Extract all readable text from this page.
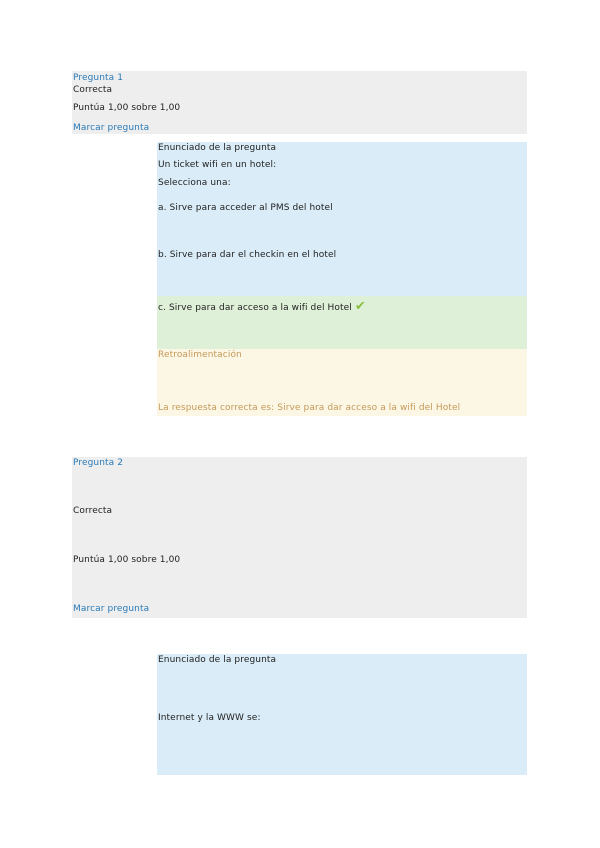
Pregunta 1
Correcta
Puntúa 1,00 sobre 1,00
Marcar pregunta
Enunciado de la pregunta
Un ticket wifi en un hotel:
Selecciona una:
a. Sirve para acceder al PMS del hotel
b. Sirve para dar el checkin en el hotel
c. Sirve para dar acceso a la wifi del Hotel ✔
Retroalimentación
La respuesta correcta es: Sirve para dar acceso a la wifi del Hotel
Pregunta 2
Correcta
Puntúa 1,00 sobre 1,00
Marcar pregunta
Enunciado de la pregunta
Internet y la WWW se:
